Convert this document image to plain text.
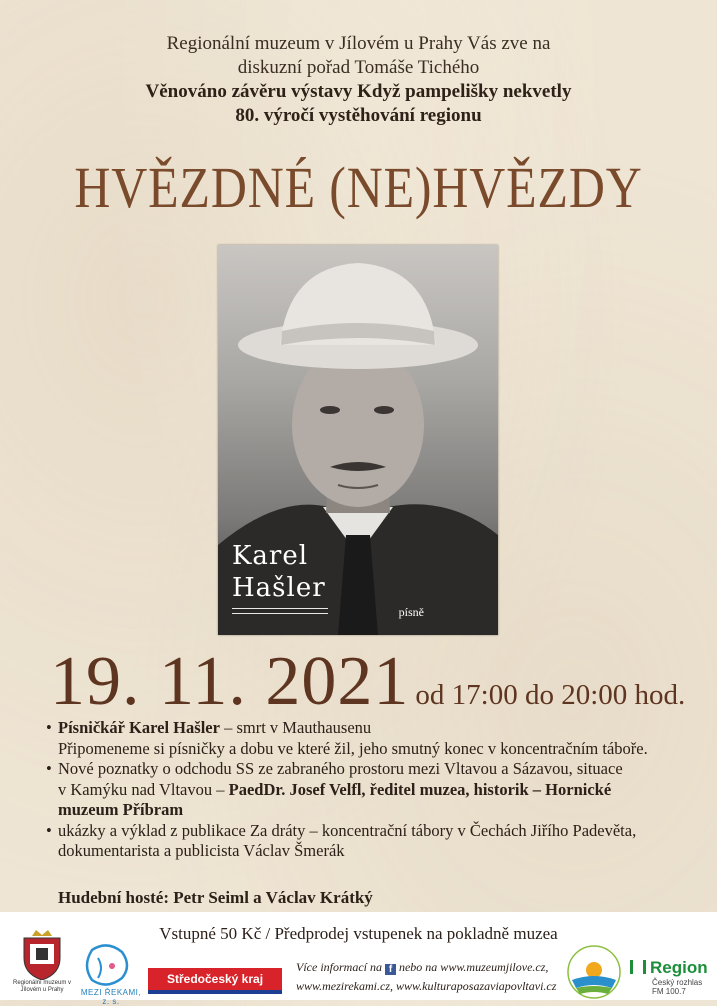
Regionální muzeum v Jílovém u Prahy Vás zve na
diskuzní pořad Tomáše Tichého
Věnováno závěru výstavy Když pampelišky nekvetly
80. výročí vystěhování regionu
HVĚZDNÉ (NE)HVĚZDY
Karel
Hašler
písně
19. 11. 2021 od 17:00 do 20:00 hod.
• Písničkář Karel Hašler – smrt v Mauthausenu
Připomeneme si písničky a dobu ve které žil, jeho smutný konec v koncentračním táboře.
• Nové poznatky o odchodu SS ze zabraného prostoru mezi Vltavou a Sázavou, situace
v Kamýku nad Vltavou – PaedDr. Josef Velfl, ředitel muzea, historik – Hornické
muzeum Příbram
• ukázky a výklad z publikace Za dráty – koncentrační tábory v Čechách Jiřího Padevěta,
dokumentarista a publicista Václav Šmerák
Hudební hosté: Petr Seiml a Václav Krátký
Vstupné 50 Kč / Předprodej vstupenek na pokladně muzea
Regionální muzeum v Jílovém u Prahy	MEZI ŘEKAMI, z. s.
Středočeský kraj
Více informací na f nebo na www.muzeumjilove.cz,
www.mezirekami.cz, www.kulturaposazaviapovltavi.cz
Region
Český rozhlas
FM 100.7
